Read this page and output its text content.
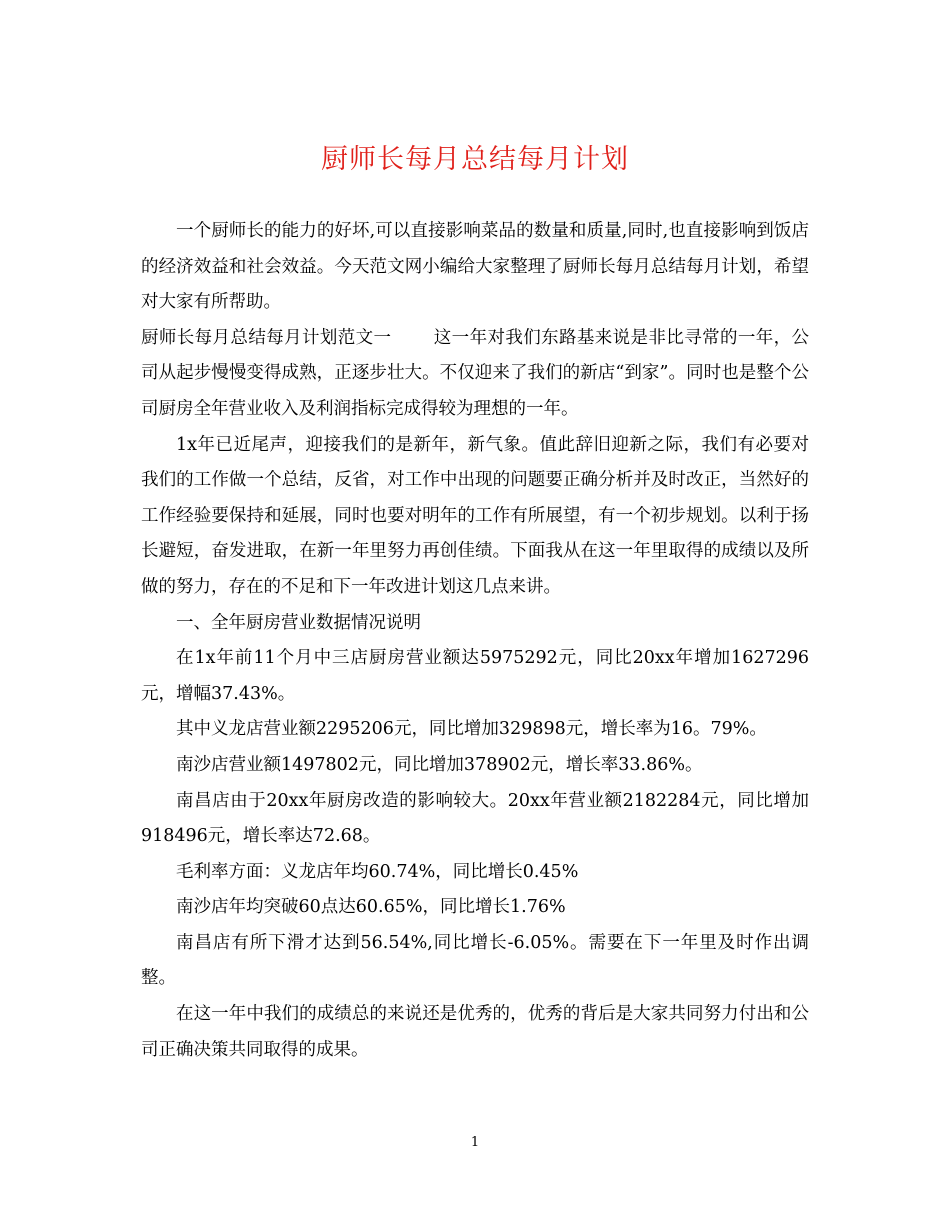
厨师长每月总结每月计划

一个厨师长的能力的好坏,可以直接影响菜品的数量和质量,同时,也直接影响到饭店的经济效益和社会效益。今天范文网小编给大家整理了厨师长每月总结每月计划，希望对大家有所帮助。

厨师长每月总结每月计划范文一 这一年对我们东路基来说是非比寻常的一年，公司从起步慢慢变得成熟，正逐步壮大。不仅迎来了我们的新店“到家”。同时也是整个公司厨房全年营业收入及利润指标完成得较为理想的一年。

1x年已近尾声，迎接我们的是新年，新气象。值此辞旧迎新之际，我们有必要对我们的工作做一个总结，反省，对工作中出现的问题要正确分析并及时改正，当然好的工作经验要保持和延展，同时也要对明年的工作有所展望，有一个初步规划。以利于扬长避短，奋发进取，在新一年里努力再创佳绩。下面我从在这一年里取得的成绩以及所做的努力，存在的不足和下一年改进计划这几点来讲。

一、全年厨房营业数据情况说明

在1x年前11个月中三店厨房营业额达5975292元，同比20xx年增加1627296元，增幅37.43%。

其中义龙店营业额2295206元，同比增加329898元，增长率为16。79%。

南沙店营业额1497802元，同比增加378902元，增长率33.86%。

南昌店由于20xx年厨房改造的影响较大。20xx年营业额2182284元，同比增加918496元，增长率达72.68。

毛利率方面：义龙店年均60.74%，同比增长0.45%

南沙店年均突破60点达60.65%，同比增长1.76%

南昌店有所下滑才达到56.54%,同比增长-6.05%。需要在下一年里及时作出调整。

在这一年中我们的成绩总的来说还是优秀的，优秀的背后是大家共同努力付出和公司正确决策共同取得的成果。

1
